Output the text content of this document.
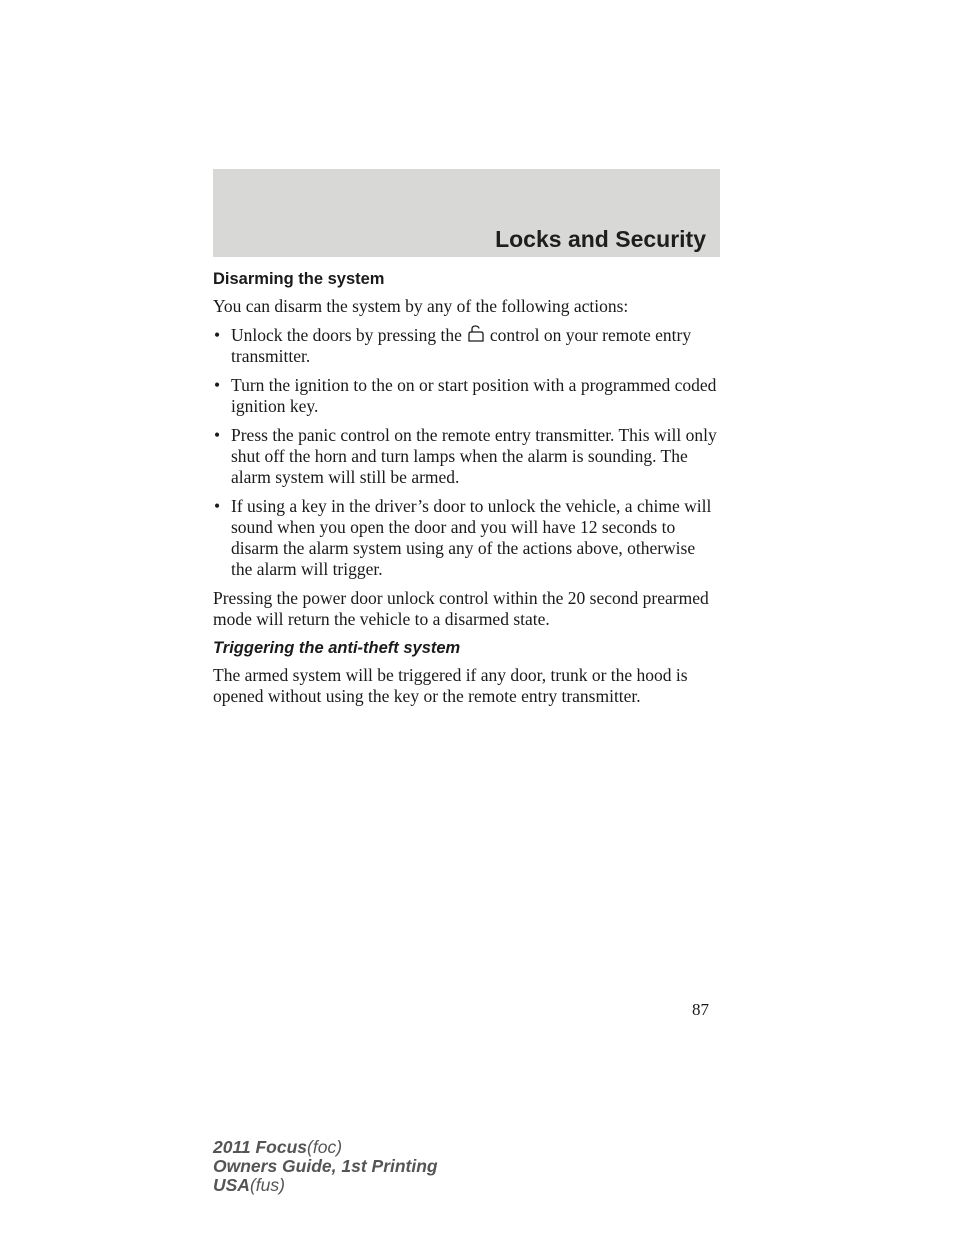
Locks and Security
Disarming the system

You can disarm the system by any of the following actions:

• Unlock the doors by pressing the control on your remote entry transmitter.
• Turn the ignition to the on or start position with a programmed coded ignition key.
• Press the panic control on the remote entry transmitter. This will only shut off the horn and turn lamps when the alarm is sounding. The alarm system will still be armed.
• If using a key in the driver’s door to unlock the vehicle, a chime will sound when you open the door and you will have 12 seconds to disarm the alarm system using any of the actions above, otherwise the alarm will trigger.

Pressing the power door unlock control within the 20 second prearmed mode will return the vehicle to a disarmed state.

Triggering the anti-theft system

The armed system will be triggered if any door, trunk or the hood is opened without using the key or the remote entry transmitter.

87
2011 Focus(foc)
Owners Guide, 1st Printing
USA(fus)
